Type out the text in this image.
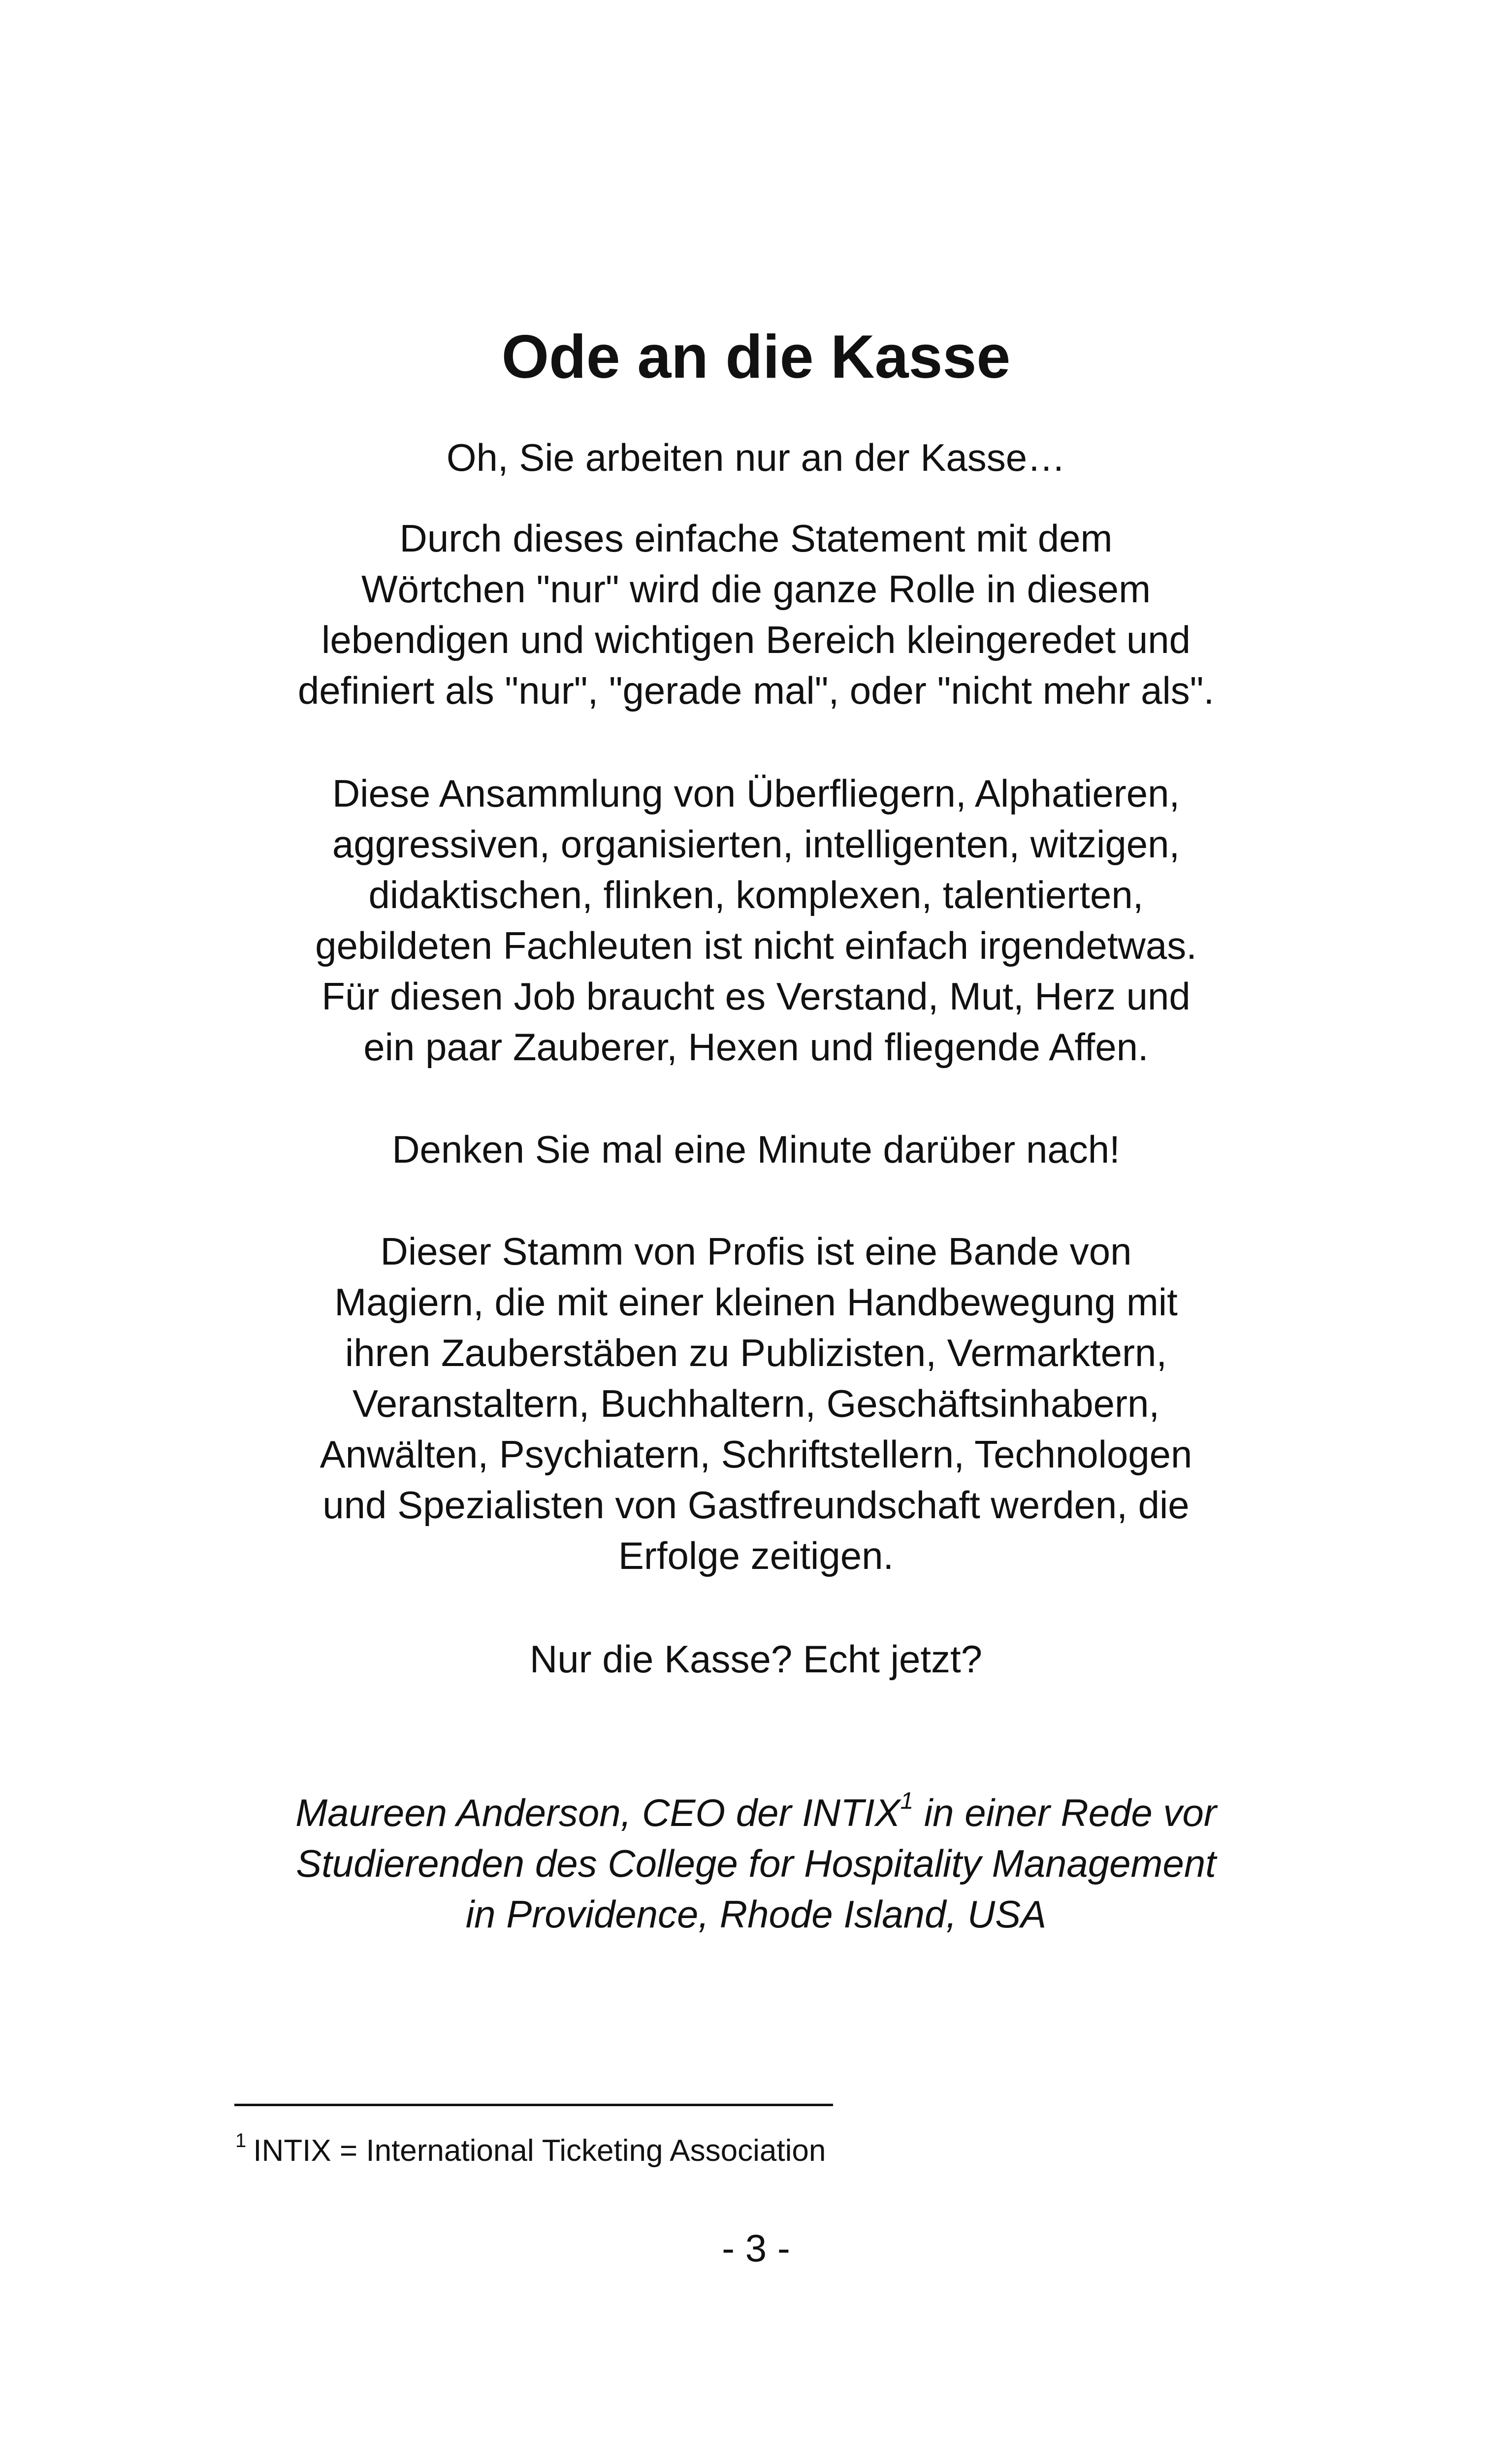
Ode an die Kasse

Oh, Sie arbeiten nur an der Kasse…

Durch dieses einfache Statement mit dem
Wörtchen "nur" wird die ganze Rolle in diesem
lebendigen und wichtigen Bereich kleingeredet und
definiert als "nur", "gerade mal", oder "nicht mehr als".

Diese Ansammlung von Überfliegern, Alphatieren,
aggressiven, organisierten, intelligenten, witzigen,
didaktischen, flinken, komplexen, talentierten,
gebildeten Fachleuten ist nicht einfach irgendetwas.
Für diesen Job braucht es Verstand, Mut, Herz und
ein paar Zauberer, Hexen und fliegende Affen.

Denken Sie mal eine Minute darüber nach!

Dieser Stamm von Profis ist eine Bande von
Magiern, die mit einer kleinen Handbewegung mit
ihren Zauberstäben zu Publizisten, Vermarktern,
Veranstaltern, Buchhaltern, Geschäftsinhabern,
Anwälten, Psychiatern, Schriftstellern, Technologen
und Spezialisten von Gastfreundschaft werden, die
Erfolge zeitigen.

Nur die Kasse? Echt jetzt?

Maureen Anderson, CEO der INTIX$^1$ in einer Rede vor
Studierenden des College for Hospitality Management
in Providence, Rhode Island, USA

$^1$ INTIX = International Ticketing Association
- 3 -
